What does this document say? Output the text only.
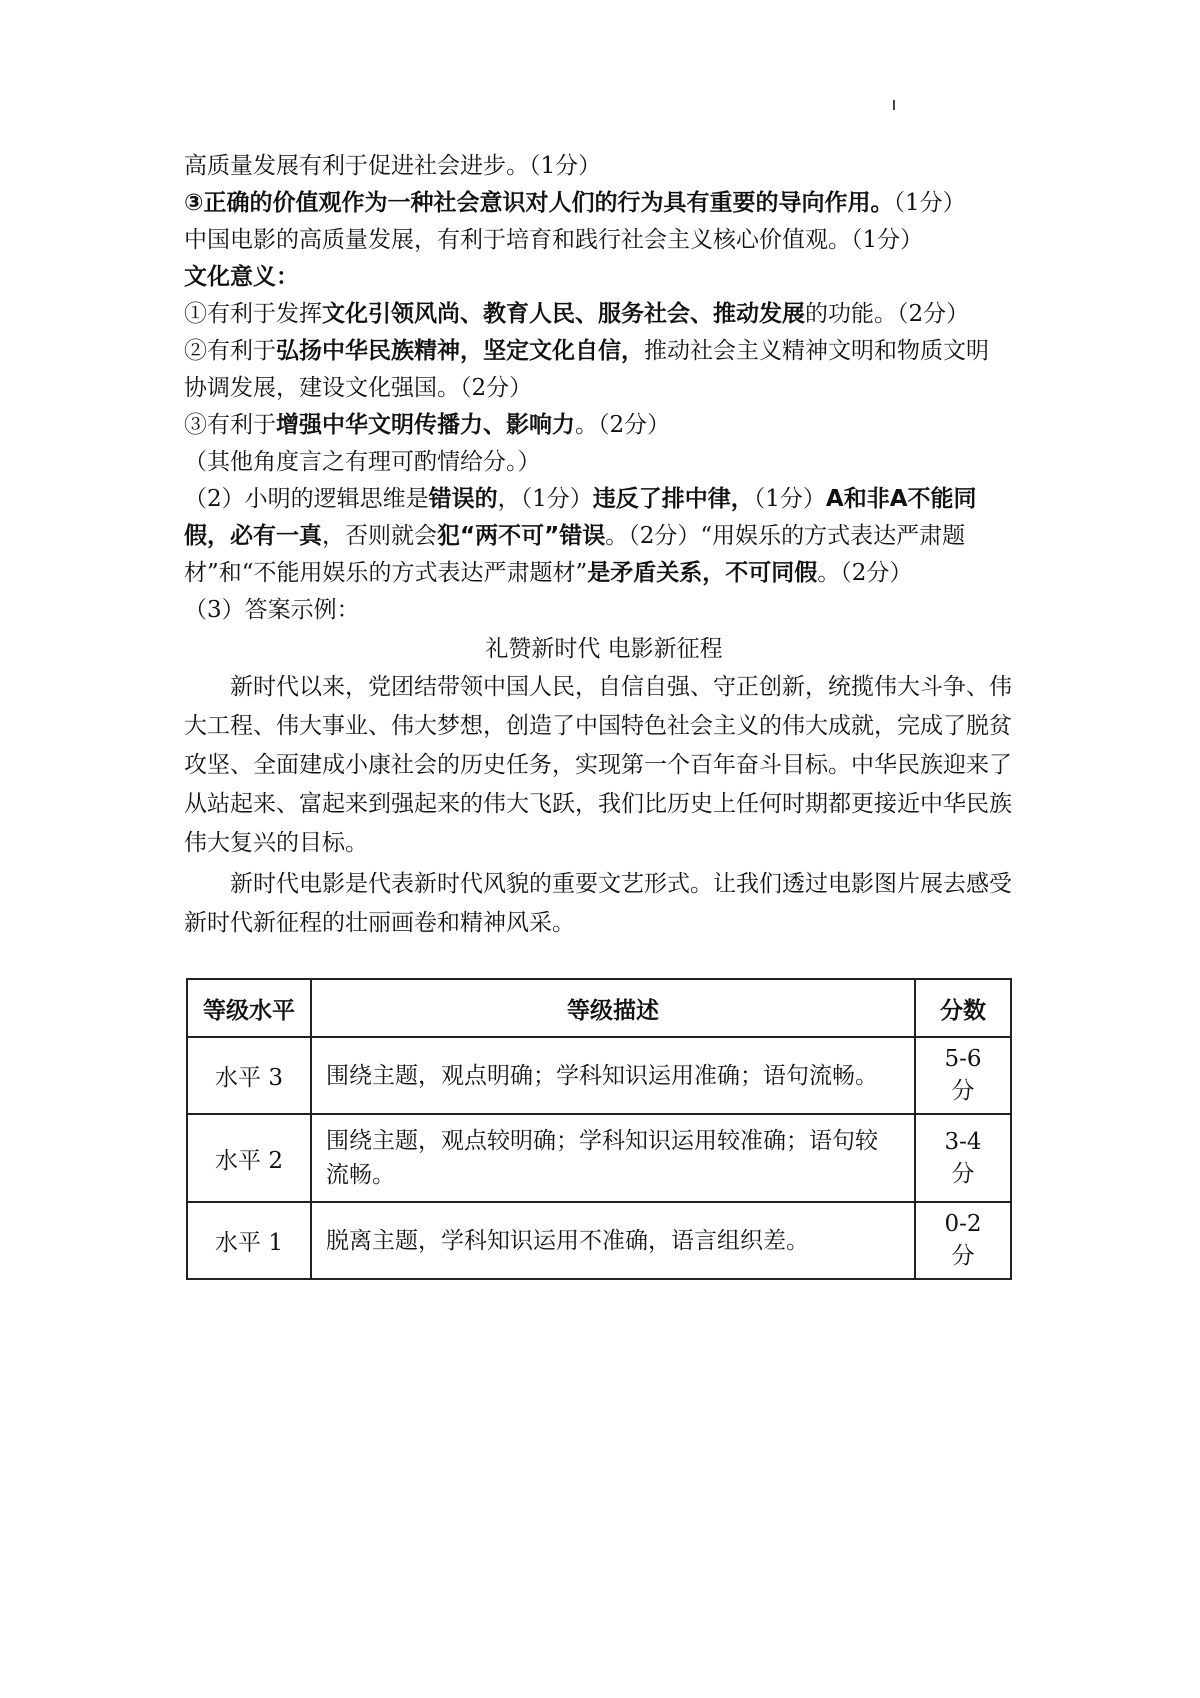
高质量发展有利于促进社会进步。（1分）
③正确的价值观作为一种社会意识对人们的行为具有重要的导向作用。（1分）
中国电影的高质量发展，有利于培育和践行社会主义核心价值观。（1分）
文化意义：
①有利于发挥文化引领风尚、教育人民、服务社会、推动发展的功能。（2分）
②有利于弘扬中华民族精神，坚定文化自信，推动社会主义精神文明和物质文明
协调发展，建设文化强国。（2分）
③有利于增强中华文明传播力、影响力。（2分）
（其他角度言之有理可酌情给分。）
（2）小明的逻辑思维是错误的，（1分）违反了排中律，（1分）A和非A不能同
假，必有一真，否则就会犯“两不可”错误。（2分）“用娱乐的方式表达严肃题
材”和“不能用娱乐的方式表达严肃题材”是矛盾关系，不可同假。（2分）
（3）答案示例：
礼赞新时代 电影新征程

新时代以来，党团结带领中国人民，自信自强、守正创新，统揽伟大斗争、伟大工程、伟大事业、伟大梦想，创造了中国特色社会主义的伟大成就，完成了脱贫攻坚、全面建成小康社会的历史任务，实现第一个百年奋斗目标。中华民族迎来了从站起来、富起来到强起来的伟大飞跃，我们比历史上任何时期都更接近中华民族伟大复兴的目标。

新时代电影是代表新时代风貌的重要文艺形式。让我们透过电影图片展去感受新时代新征程的壮丽画卷和精神风采。

等级水平	等级描述	分数
水平 3	围绕主题，观点明确；学科知识运用准确；语句流畅。	5-6 分
水平 2	围绕主题，观点较明确；学科知识运用较准确；语句较流畅。	3-4 分
水平 1	脱离主题，学科知识运用不准确，语言组织差。	0-2 分
